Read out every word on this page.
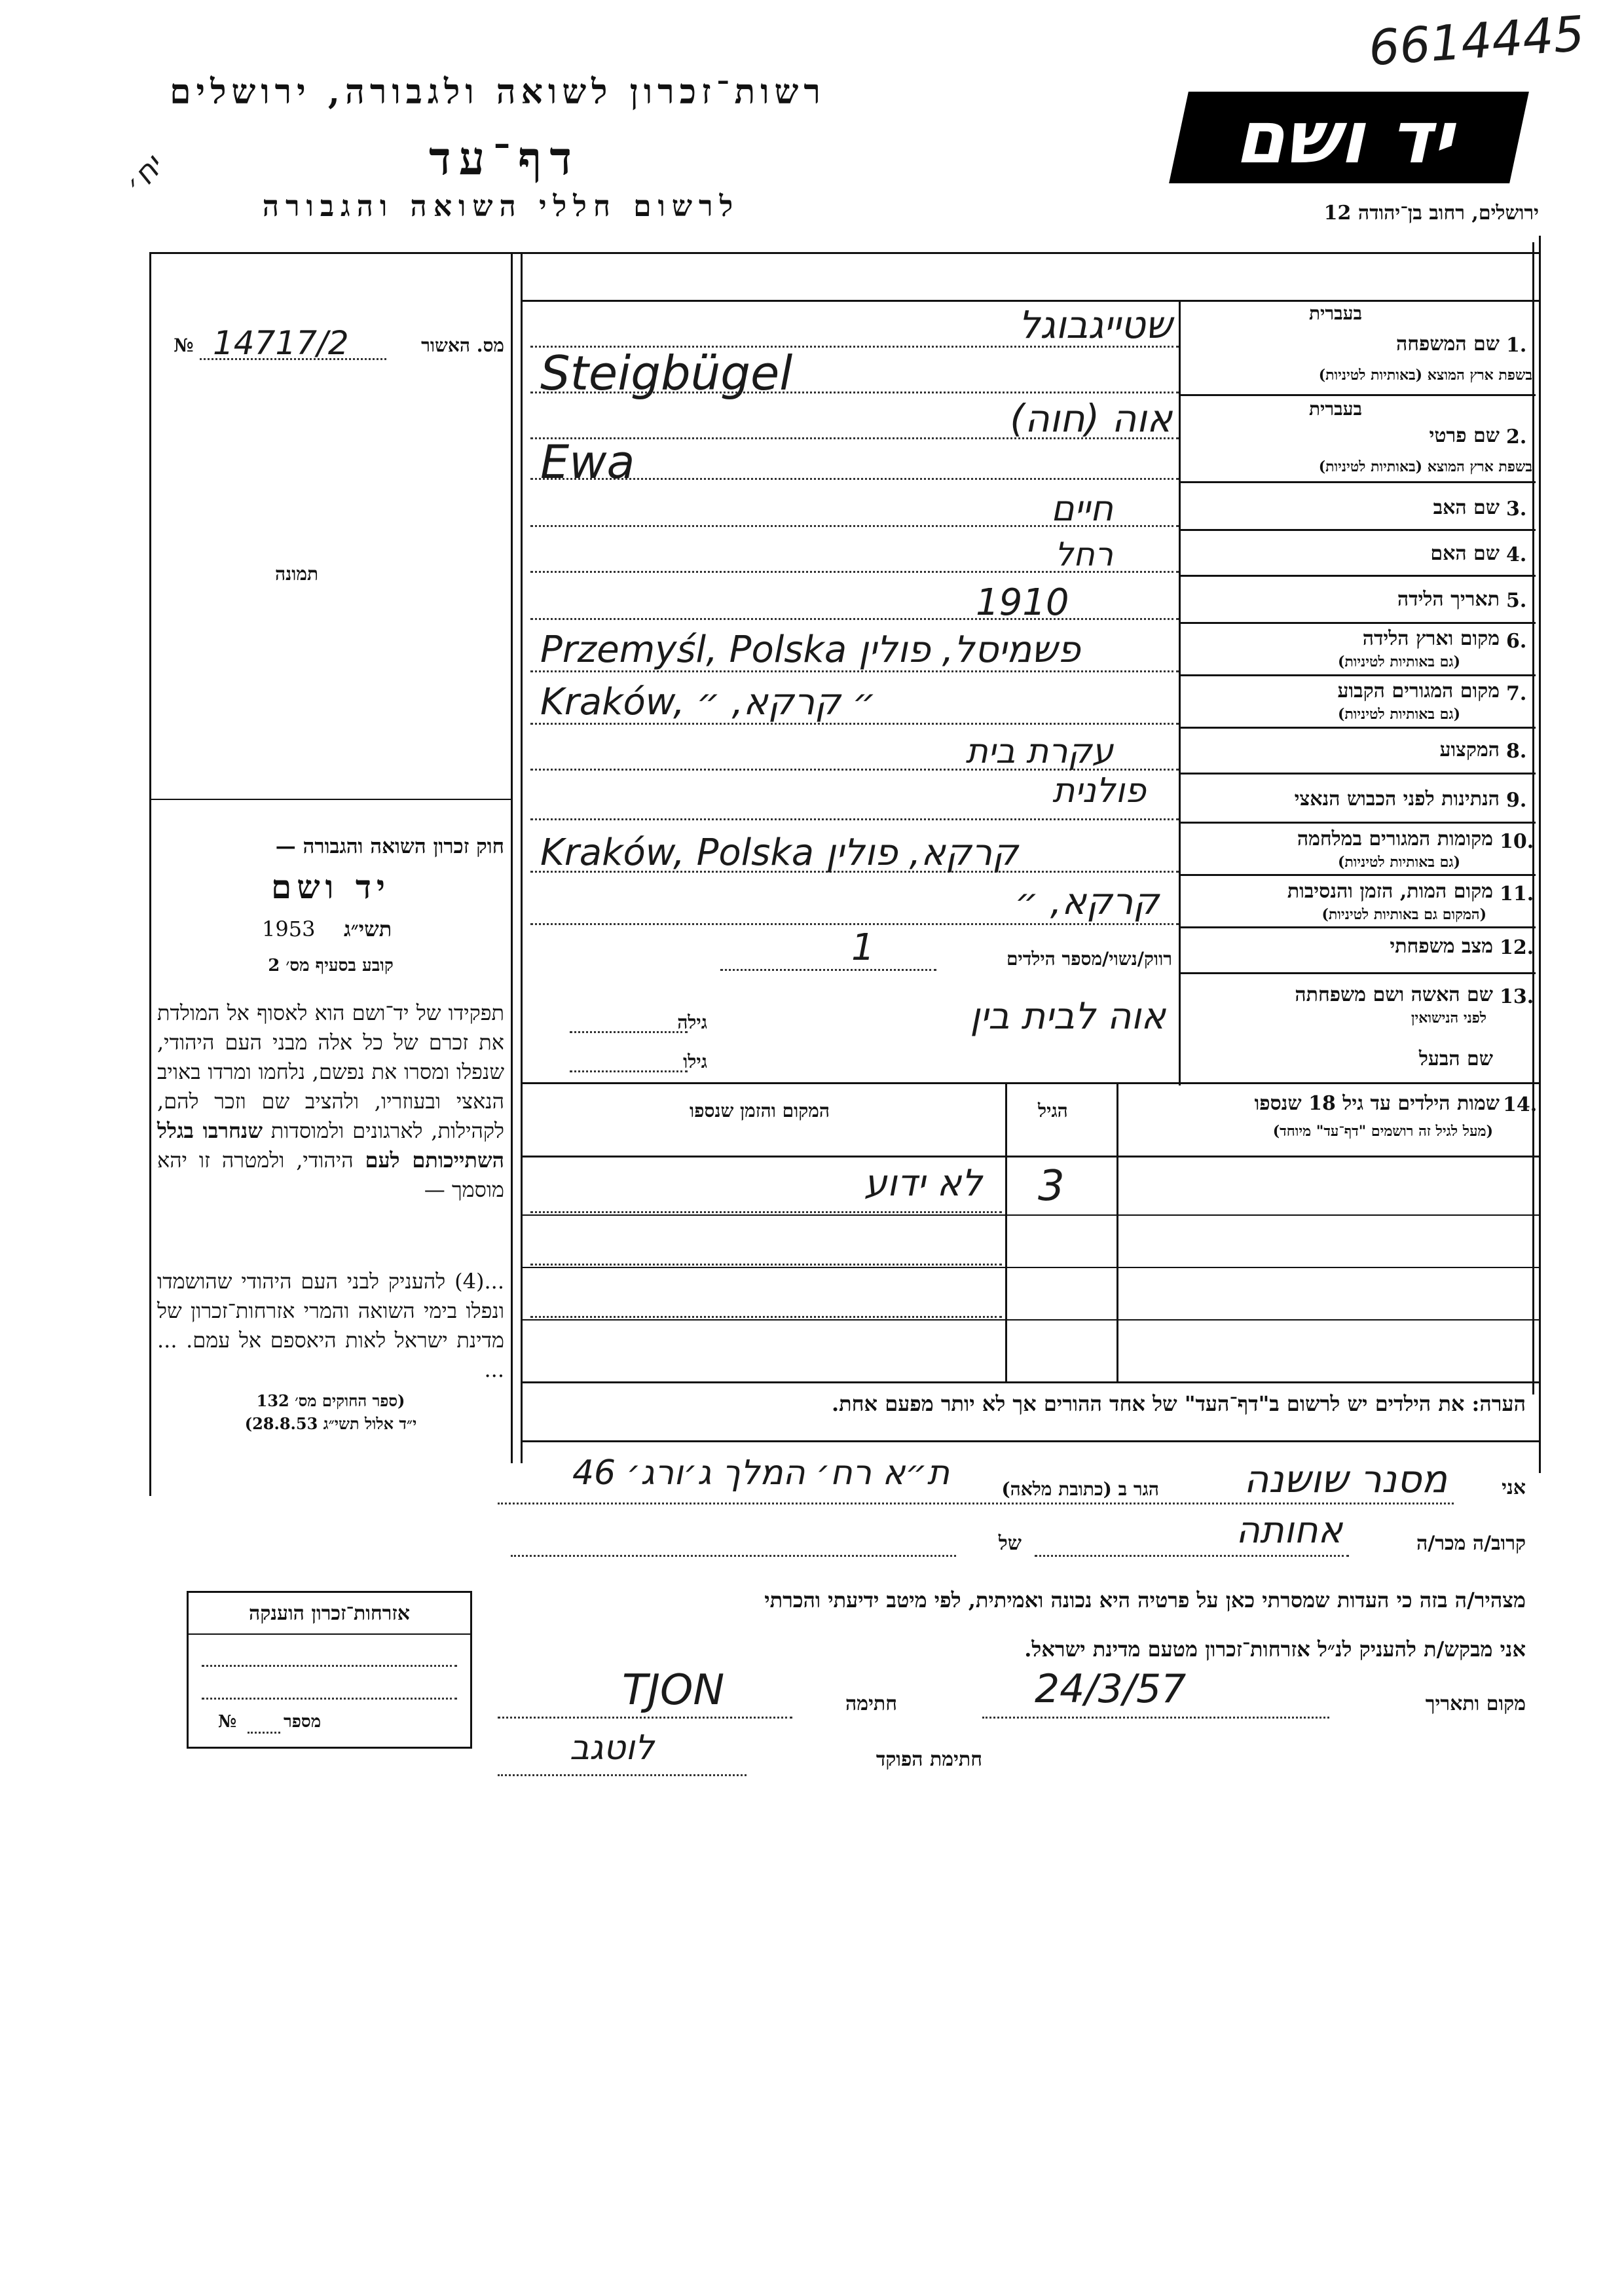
6614445
רשות־זכרון לשואה ולגבורה, ירושלים
דף־עד
לרשום חללי השואה והגבורה
יח׳	יד ושם
ירושלים, רחוב בן־יהודה 12
מס. האשור
14717/2
№
תמונה
חוק זכרון השואה והגבורה —
יד ושם
תשי״ג
1953
קובע בסעיף מס׳ 2
תפקידו של יד־ושם הוא לאסוף אל המולדת את זכרם של כל אלה מבני העם היהודי, שנפלו ומסרו את נפשם, נלחמו ומרדו באויב הנאצי ובעוזריו, ולהציב שם וזכר להם, לקהילות, לארגונים ולמוסדות שנחרבו בגלל השתייכותם לעם היהודי, ולמטרה זו יהא מוסמך —
...(4) להעניק לבני העם היהודי שהושמדו ונפלו בימי השואה והמרי אזרחות־זכרון של מדינת ישראל לאות היאספם אל עמם. ... ...
(ספר החוקים מס׳ 132
י״ד אלול תשי״ג 28.8.53)
1.
שם המשפחה
בעברית
בשפת ארץ המוצא (באותיות לטיניות)
שטייגבוגל
Steigbügel
2.
שם פרטי
בעברית
בשפת ארץ המוצא (באותיות לטיניות)
אוה (חוה)
Ewa
3.
שם האב
חיים
4.
שם האם
רחל
5.
תאריך הלידה
1910
6.
מקום וארץ הלידה
(גם באותיות לטיניות)
Przemyśl, Polska פשמיסל, פולין
7.
מקום המגורים הקבוע
(גם באותיות לטיניות)
Kraków, ״ קרקא, ״
8.
המקצוע
עקרת בית
9.
הנתינות לפני הכבוש הנאצי
פולנית
10.
מקומות המגורים במלחמה
(גם באותיות לטיניות)
Kraków, Polska קרקא, פולין
11.
מקום המות, הזמן והנסיבות
(המקום גם באותיות לטיניות)
קרקא, ״
12.
מצב משפחתי
רווק/נשוי/מספר הילדים
1
13.
שם האשה ושם משפחתה
לפני הנישואין
שם הבעל
גילה
גילו
אוה לבית בין
14.
שמות הילדים עד גיל 18 שנספו
(מעל לגיל זה רושמים "דף־עד" מיוחד)
הגיל
המקום והזמן שנספו
3
לא ידוע
הערה: את הילדים יש לרשום ב"דף־העד" של אחד ההורים אך לא יותר מפעם אחת.
אני
מסנר שושנה
הגר ב (כתובת מלאה)
ת״א רח׳ המלך ג׳ורג׳ 46
קרוב/ה מכר/ה
אחותה
של
מצהיר/ה בזה כי העדות שמסרתי כאן על פרטיה היא נכונה ואמיתית, לפי מיטב ידיעתי והכרתי
אני מבקש/ת להעניק לנ״ל אזרחות־זכרון מטעם מדינת ישראל.
מקום ותאריך
24/3/57
חתימה
TJON
חתימת הפוקד
לוטגב
אזרחות־זכרון הוענקה
מספר
№
